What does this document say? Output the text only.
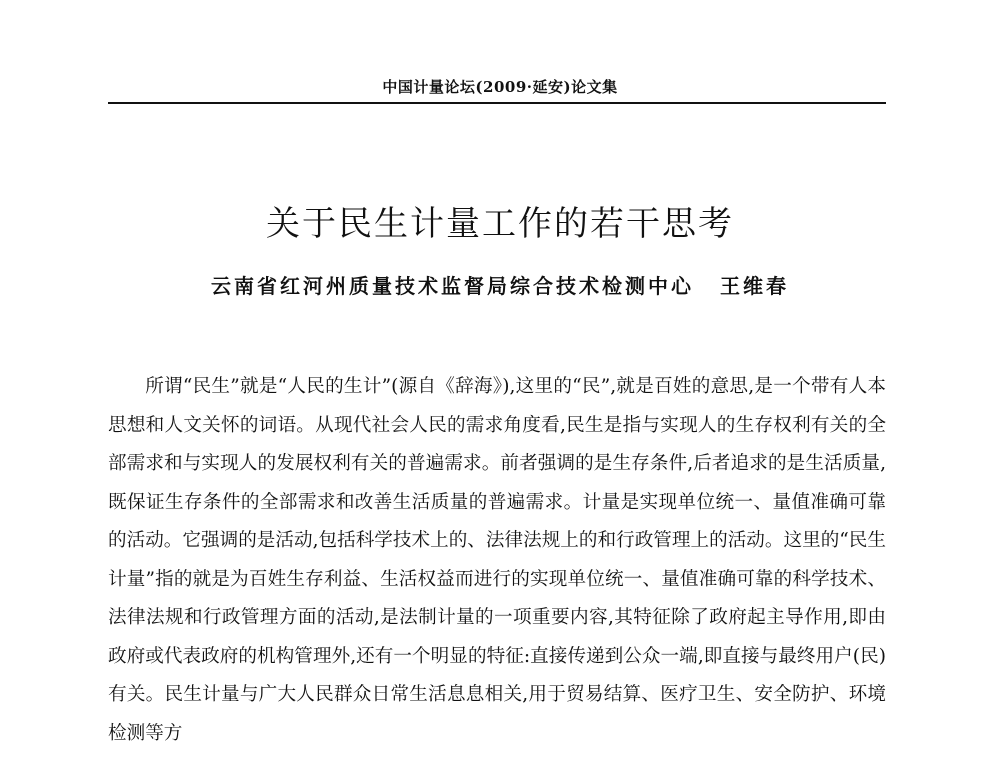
中国计量论坛(2009·延安)论文集
关于民生计量工作的若干思考
云南省红河州质量技术监督局综合技术检测中心 王维春

所谓“民生”就是“人民的生计”(源自《辞海》),这里的“民”,就是百姓的意思,是一个带有人本思想和人文关怀的词语。从现代社会人民的需求角度看,民生是指与实现人的生存权利有关的全部需求和与实现人的发展权利有关的普遍需求。前者强调的是生存条件,后者追求的是生活质量,既保证生存条件的全部需求和改善生活质量的普遍需求。计量是实现单位统一、量值准确可靠的活动。它强调的是活动,包括科学技术上的、法律法规上的和行政管理上的活动。这里的“民生计量”指的就是为百姓生存利益、生活权益而进行的实现单位统一、量值准确可靠的科学技术、法律法规和行政管理方面的活动,是法制计量的一项重要内容,其特征除了政府起主导作用,即由政府或代表政府的机构管理外,还有一个明显的特征:直接传递到公众一端,即直接与最终用户(民)有关。民生计量与广大人民群众日常生活息息相关,用于贸易结算、医疗卫生、安全防护、环境检测等方
